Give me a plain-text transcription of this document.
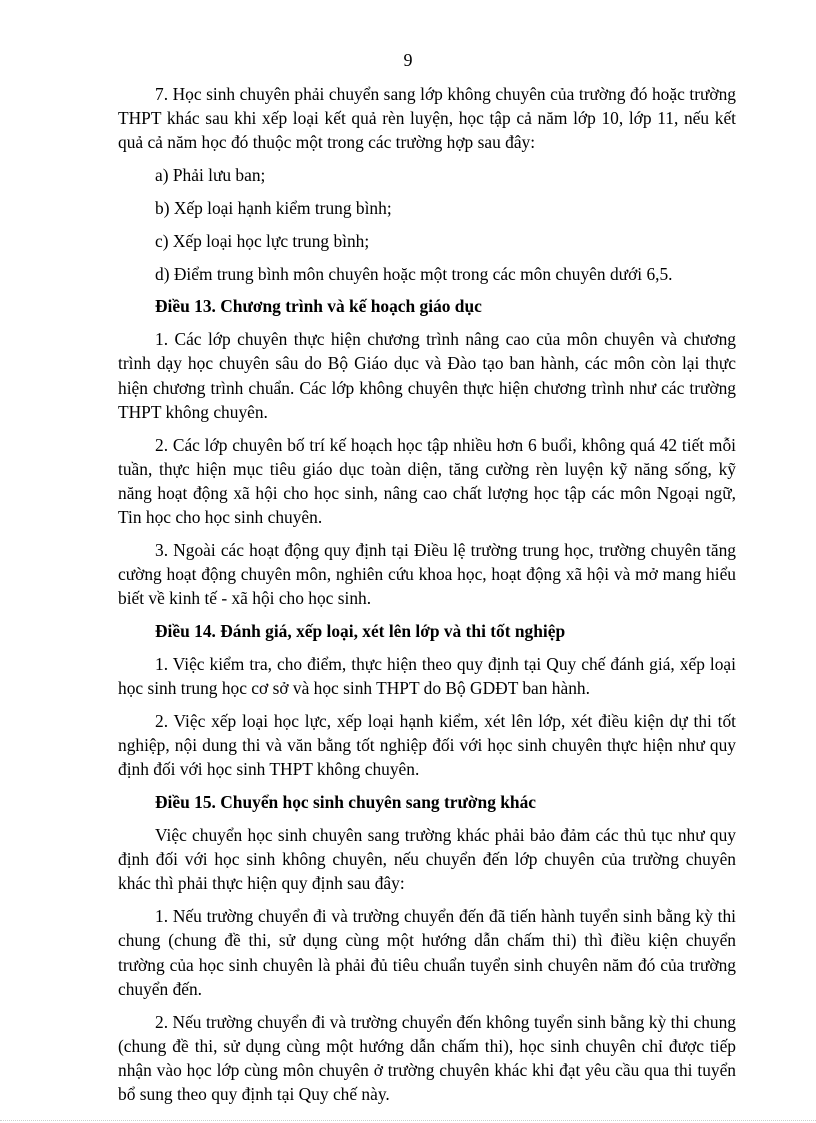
9

7. Học sinh chuyên phải chuyển sang lớp không chuyên của trường đó hoặc trường THPT khác sau khi xếp loại kết quả rèn luyện, học tập cả năm lớp 10, lớp 11, nếu kết quả cả năm học đó thuộc một trong các trường hợp sau đây:

a) Phải lưu ban;

b) Xếp loại hạnh kiểm trung bình;

c) Xếp loại học lực trung bình;

d) Điểm trung bình môn chuyên hoặc một trong các môn chuyên dưới 6,5.

Điều 13. Chương trình và kế hoạch giáo dục

1. Các lớp chuyên thực hiện chương trình nâng cao của môn chuyên và chương trình dạy học chuyên sâu do Bộ Giáo dục và Đào tạo ban hành, các môn còn lại thực hiện chương trình chuẩn. Các lớp không chuyên thực hiện chương trình như các trường THPT không chuyên.

2. Các lớp chuyên bố trí kế hoạch học tập nhiều hơn 6 buổi, không quá 42 tiết mỗi tuần, thực hiện mục tiêu giáo dục toàn diện, tăng cường rèn luyện kỹ năng sống, kỹ năng hoạt động xã hội cho học sinh, nâng cao chất lượng học tập các môn Ngoại ngữ, Tin học cho học sinh chuyên.

3. Ngoài các hoạt động quy định tại Điều lệ trường trung học, trường chuyên tăng cường hoạt động chuyên môn, nghiên cứu khoa học, hoạt động xã hội và mở mang hiểu biết về kinh tế - xã hội cho học sinh.

Điều 14. Đánh giá, xếp loại, xét lên lớp và thi tốt nghiệp

1. Việc kiểm tra, cho điểm, thực hiện theo quy định tại Quy chế đánh giá, xếp loại học sinh trung học cơ sở và học sinh THPT do Bộ GDĐT ban hành.

2. Việc xếp loại học lực, xếp loại hạnh kiểm, xét lên lớp, xét điều kiện dự thi tốt nghiệp, nội dung thi và văn bằng tốt nghiệp đối với học sinh chuyên thực hiện như quy định đối với học sinh THPT không chuyên.

Điều 15. Chuyển học sinh chuyên sang trường khác

Việc chuyển học sinh chuyên sang trường khác phải bảo đảm các thủ tục như quy định đối với học sinh không chuyên, nếu chuyển đến lớp chuyên của trường chuyên khác thì phải thực hiện quy định sau đây:

1. Nếu trường chuyển đi và trường chuyển đến đã tiến hành tuyển sinh bằng kỳ thi chung (chung đề thi, sử dụng cùng một hướng dẫn chấm thi) thì điều kiện chuyển trường của học sinh chuyên là phải đủ tiêu chuẩn tuyển sinh chuyên năm đó của trường chuyển đến.

2. Nếu trường chuyển đi và trường chuyển đến không tuyển sinh bằng kỳ thi chung (chung đề thi, sử dụng cùng một hướng dẫn chấm thi), học sinh chuyên chỉ được tiếp nhận vào học lớp cùng môn chuyên ở trường chuyên khác khi đạt yêu cầu qua thi tuyển bổ sung theo quy định tại Quy chế này.
